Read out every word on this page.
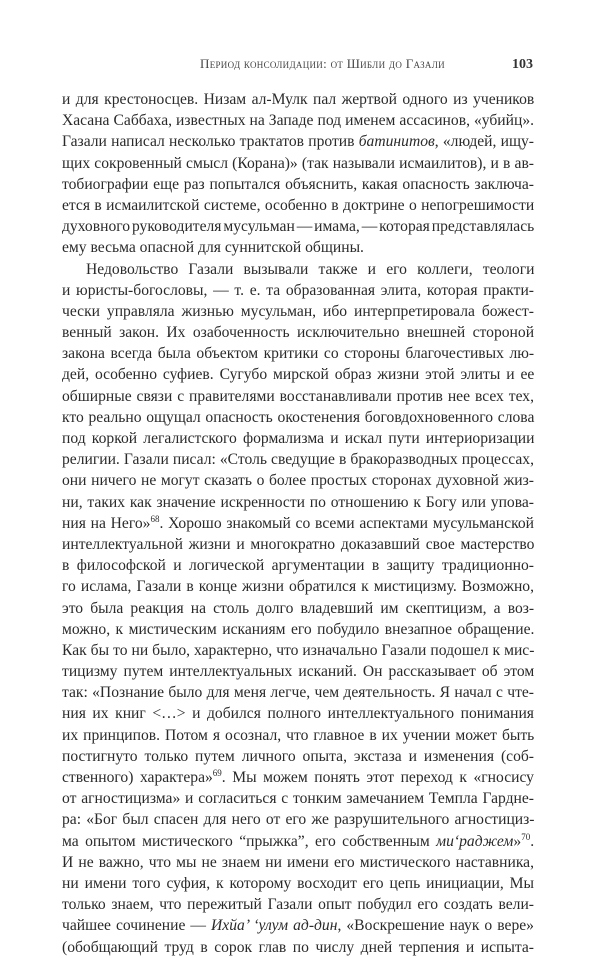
Период консолидации: от Шибли до Газали	103
и для крестоносцев. Низам ал-Мулк пал жертвой одного из учеников
Хасана Саббаха, известных на Западе под именем ассасинов, «убийц».
Газали написал несколько трактатов против батинитов, «людей, ищу-
щих сокровенный смысл (Корана)» (так называли исмаилитов), и в ав-
тобиографии еще раз попытался объяснить, какая опасность заключа-
ется в исмаилитской системе, особенно в доктрине о непогрешимости
духовного руководителя мусульман — имама, — которая представлялась
ему весьма опасной для суннитской общины.
Недовольство Газали вызывали также и его коллеги, теологи
и юристы-богословы, — т. е. та образованная элита, которая практи-
чески управляла жизнью мусульман, ибо интерпретировала божест-
венный закон. Их озабоченность исключительно внешней стороной
закона всегда была объектом критики со стороны благочестивых лю-
дей, особенно суфиев. Сугубо мирской образ жизни этой элиты и ее
обширные связи с правителями восстанавливали против нее всех тех,
кто реально ощущал опасность окостенения боговдохновенного слова
под коркой легалистского формализма и искал пути интериоризации
религии. Газали писал: «Столь сведущие в бракоразводных процессах,
они ничего не могут сказать о более простых сторонах духовной жиз-
ни, таких как значение искренности по отношению к Богу или упова-
ния на Него»$^{68}$. Хорошо знакомый со всеми аспектами мусульманской
интеллектуальной жизни и многократно доказавший свое мастерство
в философской и логической аргументации в защиту традиционно-
го ислама, Газали в конце жизни обратился к мистицизму. Возможно,
это была реакция на столь долго владевший им скептицизм, а воз-
можно, к мистическим исканиям его побудило внезапное обращение.
Как бы то ни было, характерно, что изначально Газали подошел к мис-
тицизму путем интеллектуальных исканий. Он рассказывает об этом
так: «Познание было для меня легче, чем деятельность. Я начал с чте-
ния их книг <…> и добился полного интеллектуального понимания
их принципов. Потом я осознал, что главное в их учении может быть
постигнуто только путем личного опыта, экстаза и изменения (соб-
ственного) характера»$^{69}$. Мы можем понять этот переход к «гносису
от агностицизма» и согласиться с тонким замечанием Темпла Гардне-
ра: «Бог был спасен для него от его же разрушительного агностициз-
ма опытом мистического “прыжка”, его собственным ми‘раджем»$^{70}$.
И не важно, что мы не знаем ни имени его мистического наставника,
ни имени того суфия, к которому восходит его цепь инициации, Мы
только знаем, что пережитый Газали опыт побудил его создать вели-
чайшее сочинение — Ихйа’ ‘улум ад-дин, «Воскрешение наук о вере»
(обобщающий труд в сорок глав по числу дней терпения и испыта-
